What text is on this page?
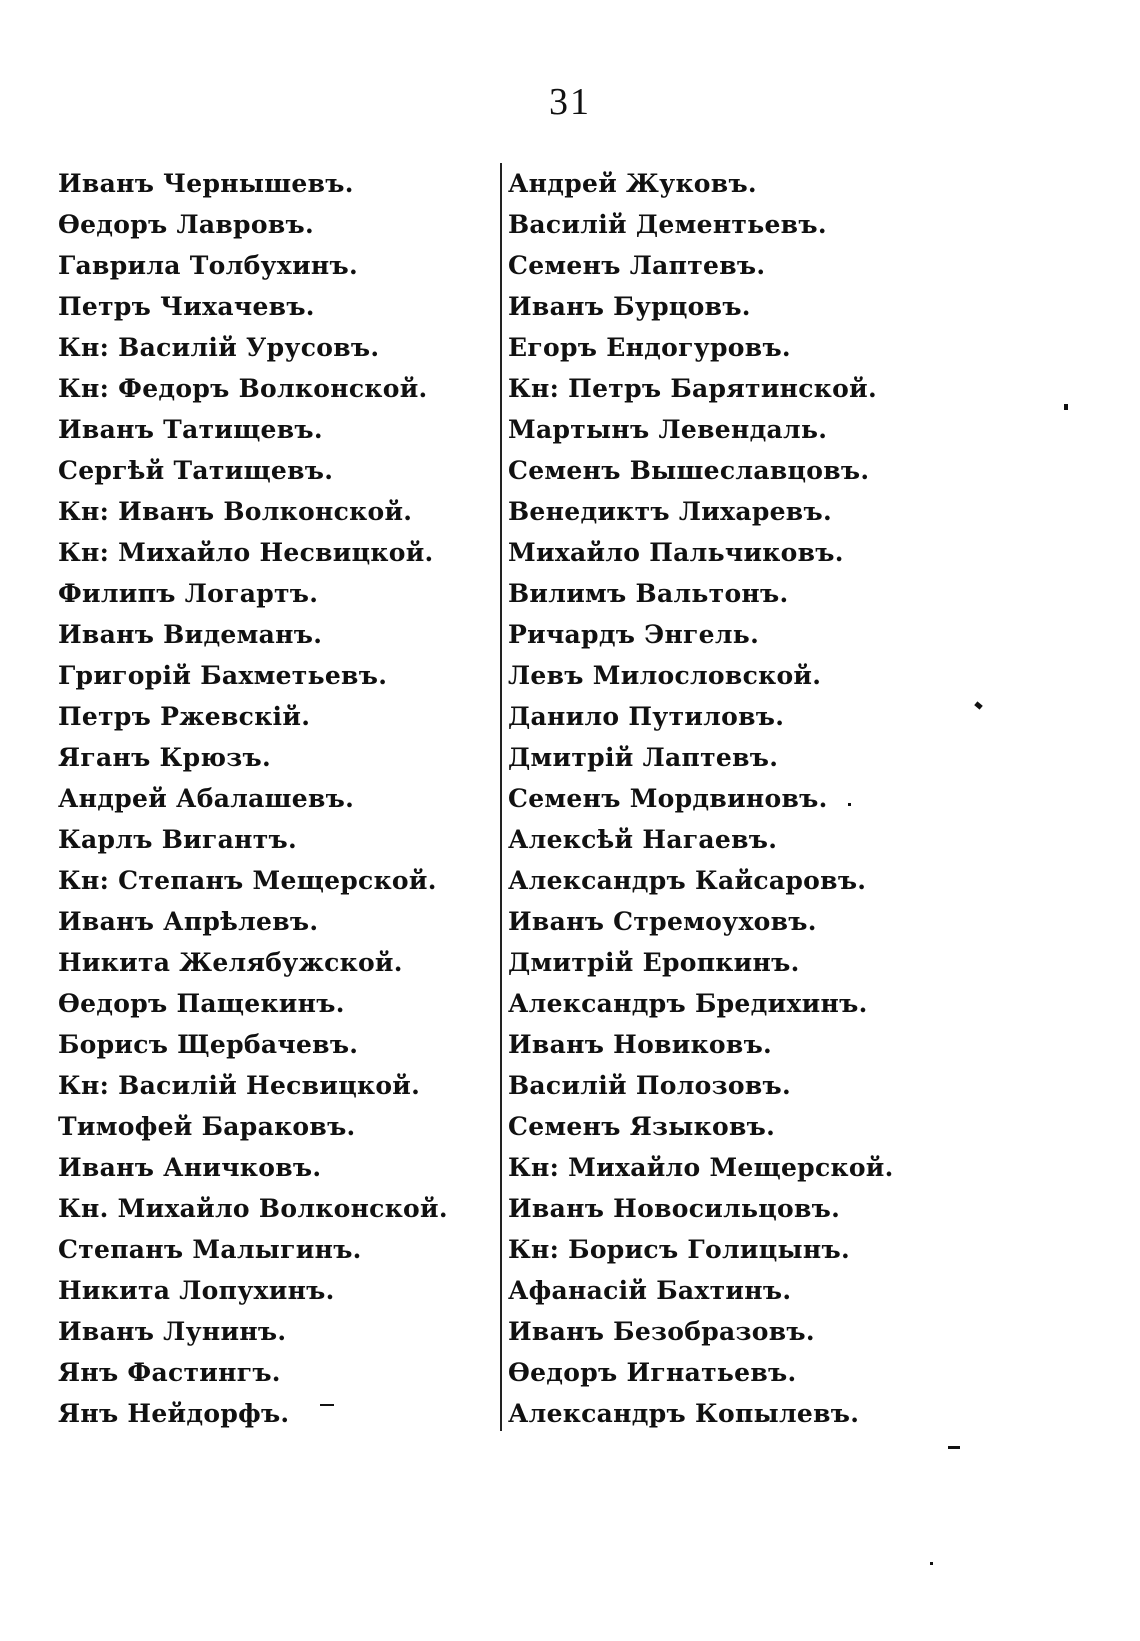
31
Иванъ Чернышевъ.
Ѳедоръ Лавровъ.
Гаврила Толбухинъ.
Петръ Чихачевъ.
Кн: Василій Урусовъ.
Кн: Федоръ Волконской.
Иванъ Татищевъ.
Сергѣй Татищевъ.
Кн: Иванъ Волконской.
Кн: Михайло Несвицкой.
Филипъ Логартъ.
Иванъ Видеманъ.
Григорій Бахметьевъ.
Петръ Ржевскій.
Яганъ Крюзъ.
Андрей Абалашевъ.
Карлъ Вигантъ.
Кн: Степанъ Мещерской.
Иванъ Апрѣлевъ.
Никита Желябужской.
Ѳедоръ Пащекинъ.
Борисъ Щербачевъ.
Кн: Василій Несвицкой.
Тимофей Бараковъ.
Иванъ Аничковъ.
Кн. Михайло Волконской.
Степанъ Малыгинъ.
Никита Лопухинъ.
Иванъ Лунинъ.
Янъ Фастингъ.
Янъ Нейдорфъ.
Андрей Жуковъ.
Василій Дементьевъ.
Семенъ Лаптевъ.
Иванъ Бурцовъ.
Егоръ Ендогуровъ.
Кн: Петръ Барятинской.
Мартынъ Левендаль.
Семенъ Вышеславцовъ.
Венедиктъ Лихаревъ.
Михайло Пальчиковъ.
Вилимъ Вальтонъ.
Ричардъ Энгель.
Левъ Милословской.
Данило Путиловъ.
Дмитрій Лаптевъ.
Семенъ Мордвиновъ.
Алексѣй Нагаевъ.
Александръ Кайсаровъ.
Иванъ Стремоуховъ.
Дмитрій Еропкинъ.
Александръ Бредихинъ.
Иванъ Новиковъ.
Василій Полозовъ.
Семенъ Языковъ.
Кн: Михайло Мещерской.
Иванъ Новосильцовъ.
Кн: Борисъ Голицынъ.
Афанасій Бахтинъ.
Иванъ Безобразовъ.
Ѳедоръ Игнатьевъ.
Александръ Копылевъ.
